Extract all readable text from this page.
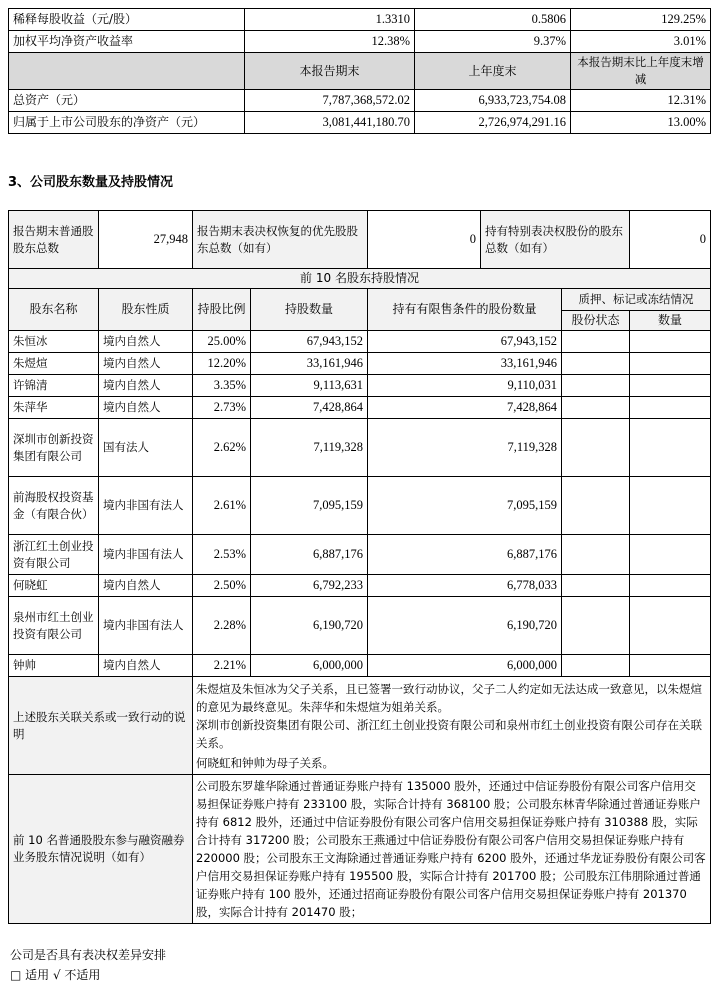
稀释每股收益（元/股）	1.3310	0.5806	129.25%
加权平均净资产收益率	12.38%	9.37%	3.01%
	本报告期末	上年度末	本报告期末比上年度末增减
总资产（元）	7,787,368,572.02	6,933,723,754.08	12.31%
归属于上市公司股东的净资产（元）	3,081,441,180.70	2,726,974,291.16	13.00%
3、公司股东数量及持股情况
报告期末普通股股东总数	27,948	报告期末表决权恢复的优先股股东总数（如有）		0	持有特别表决权股份的股东总数（如有）		0
前 10 名股东持股情况							
股东名称	股东性质	持股比例	持股数量	持有有限售条件的股份数量		质押、标记或冻结情况	
						股份状态	数量
朱恒冰	境内自然人	25.00%	67,943,152	67,943,152			
朱煜煊	境内自然人	12.20%	33,161,946	33,161,946			
许锦清	境内自然人	3.35%	9,113,631	9,110,031			
朱萍华	境内自然人	2.73%	7,428,864	7,428,864			
深圳市创新投资集团有限公司	国有法人	2.62%	7,119,328	7,119,328			
前海股权投资基金（有限合伙）	境内非国有法人	2.61%	7,095,159	7,095,159			
浙江红土创业投资有限公司	境内非国有法人	2.53%	6,887,176	6,887,176			
何晓虹	境内自然人	2.50%	6,792,233	6,778,033			
泉州市红土创业投资有限公司	境内非国有法人	2.28%	6,190,720	6,190,720			
钟帅	境内自然人	2.21%	6,000,000	6,000,000			
上述股东关联关系或一致行动的说明		朱煜煊及朱恒冰为父子关系，且已签署一致行动协议，父子二人约定如无法达成一致意见，以朱煜煊的意见为最终意见。朱萍华和朱煜煊为姐弟关系。
深圳市创新投资集团有限公司、浙江红土创业投资有限公司和泉州市红土创业投资有限公司存在关联关系。
何晓虹和钟帅为母子关系。					

前 10 名普通股股东参与融资融券业务股东情况说明（如有）		公司股东罗雄华除通过普通证券账户持有 135000 股外，还通过中信证券股份有限公司客户信用交易担保证券账户持有 233100 股，实际合计持有 368100 股；公司股东林青华除通过普通证券账户持有 6812 股外，还通过中信证券股份有限公司客户信用交易担保证券账户持有 310388 股，实际合计持有 317200 股；公司股东王燕通过中信证券股份有限公司客户信用交易担保证券账户持有 220000 股；公司股东王文海除通过普通证券账户持有 6200 股外，还通过华龙证券股份有限公司客户信用交易担保证券账户持有 195500 股，实际合计持有 201700 股；公司股东江伟朋除通过普通证券账户持有 100 股外，还通过招商证券股份有限公司客户信用交易担保证券账户持有 201370 股，实际合计持有 201470 股；					
公司是否具有表决权差异安排
□ 适用 √ 不适用
